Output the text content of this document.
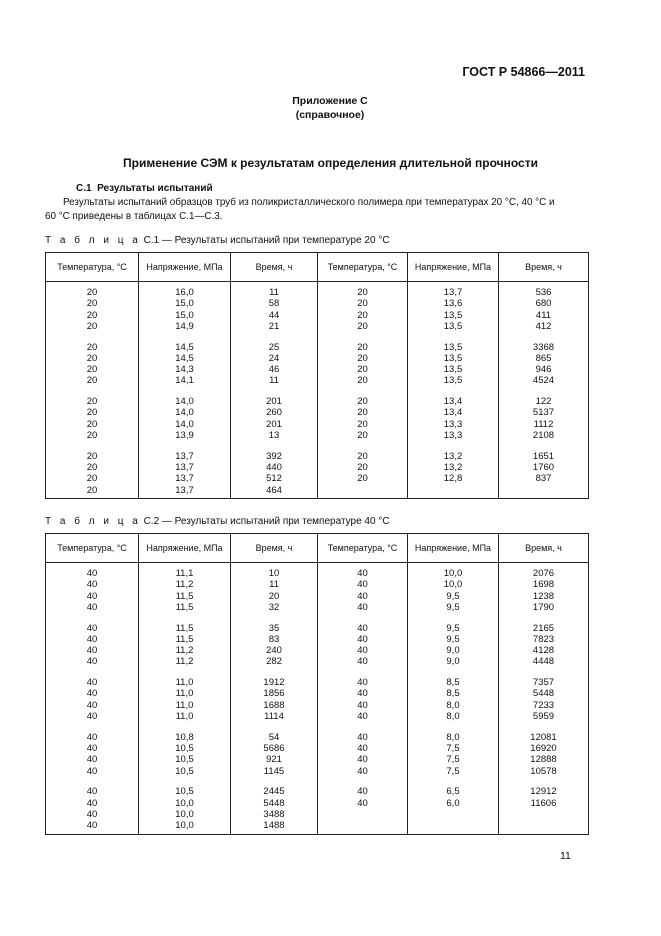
ГОСТ Р 54866—2011
Приложение С
(справочное)
Применение СЭМ к результатам определения длительной прочности
С.1 Результаты испытаний
Результаты испытаний образцов труб из поликристаллического полимера при температурах 20 °С, 40 °С и
60 °С приведены в таблицах С.1—С.3.
Т а б л и ц а С.1 — Результаты испытаний при температуре 20 °С
Температура, °С	Напряжение, МПа	Время, ч	Температура, °С	Напряжение, МПа	Время, ч

20	16,0	11	20	13,7	536
20	15,0	58	20	13,6	680
20	15,0	44	20	13,5	411
20	14,9	21	20	13,5	412

20	14,5	25	20	13,5	3368
20	14,5	24	20	13,5	865
20	14,3	46	20	13,5	946
20	14,1	11	20	13,5	4524

20	14,0	201	20	13,4	122
20	14,0	260	20	13,4	5137
20	14,0	201	20	13,3	1112
20	13,9	13	20	13,3	2108

20	13,7	392	20	13,2	1651
20	13,7	440	20	13,2	1760
20	13,7	512	20	12,8	837
20	13,7	464			

Т а б л и ц а С.2 — Результаты испытаний при температуре 40 °С
Температура, °С	Напряжение, МПа	Время, ч	Температура, °С	Напряжение, МПа	Время, ч

40	11,1	10	40	10,0	2076
40	11,2	11	40	10,0	1698
40	11,5	20	40	9,5	1238
40	11,5	32	40	9,5	1790

40	11,5	35	40	9,5	2165
40	11,5	83	40	9,5	7823
40	11,2	240	40	9,0	4128
40	11,2	282	40	9,0	4448

40	11,0	1912	40	8,5	7357
40	11,0	1856	40	8,5	5448
40	11,0	1688	40	8,0	7233
40	11,0	1114	40	8,0	5959

40	10,8	54	40	8,0	12081
40	10,5	5686	40	7,5	16920
40	10,5	921	40	7,5	12888
40	10,5	1145	40	7,5	10578

40	10,5	2445	40	6,5	12912
40	10,0	5448	40	6,0	11606
40	10,0	3488			
40	10,0	1488			

11
